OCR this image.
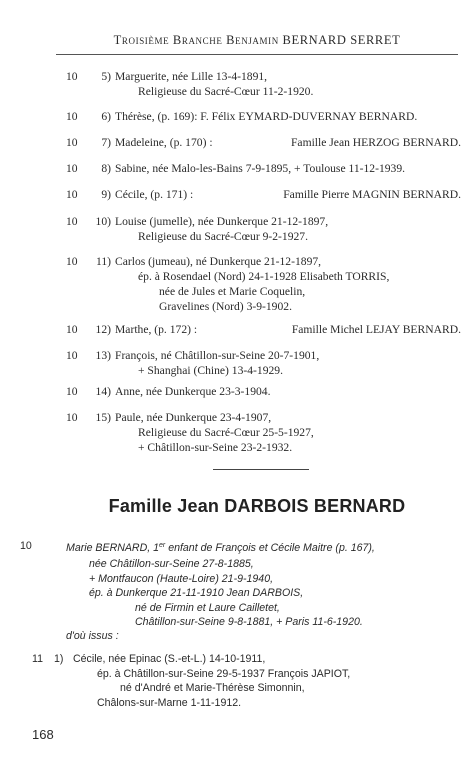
Troisième Branche Benjamin BERNARD SERRET
10	5) Marguerite, née Lille 13-4-1891,
Religieuse du Sacré-Cœur 11-2-1920.
10	6) Thérèse, (p. 169): F. Félix EYMARD-DUVERNAY BERNARD.
10	7) Madeleine, (p. 170) :	Famille Jean HERZOG BERNARD.
10	8) Sabine, née Malo-les-Bains 7-9-1895, + Toulouse 11-12-1939.
10	9) Cécile, (p. 171) :	Famille Pierre MAGNIN BERNARD.
10	10) Louise (jumelle), née Dunkerque 21-12-1897,
Religieuse du Sacré-Cœur 9-2-1927.
10	11) Carlos (jumeau), né Dunkerque 21-12-1897,
ép. à Rosendael (Nord) 24-1-1928 Elisabeth TORRIS,
née de Jules et Marie Coquelin,
Gravelines (Nord) 3-9-1902.
10	12) Marthe, (p. 172) :	Famille Michel LEJAY BERNARD.
10	13) François, né Châtillon-sur-Seine 20-7-1901,
+ Shanghai (Chine) 13-4-1929.
10	14) Anne, née Dunkerque 23-3-1904.
10	15) Paule, née Dunkerque 23-4-1907,
Religieuse du Sacré-Cœur 25-5-1927,
+ Châtillon-sur-Seine 23-2-1932.
Famille Jean DARBOIS BERNARD
10	Marie BERNARD, 1er enfant de François et Cécile Maitre (p. 167),
née Châtillon-sur-Seine 27-8-1885,
+ Montfaucon (Haute-Loire) 21-9-1940,
ép. à Dunkerque 21-11-1910 Jean DARBOIS,
né de Firmin et Laure Cailletet,
Châtillon-sur-Seine 9-8-1881, + Paris 11-6-1920.
d'où issus :
11 1) Cécile, née Epinac (S.-et-L.) 14-10-1911,
ép. à Châtillon-sur-Seine 29-5-1937 François JAPIOT,
né d'André et Marie-Thérèse Simonnin,
Châlons-sur-Marne 1-11-1912.
168
